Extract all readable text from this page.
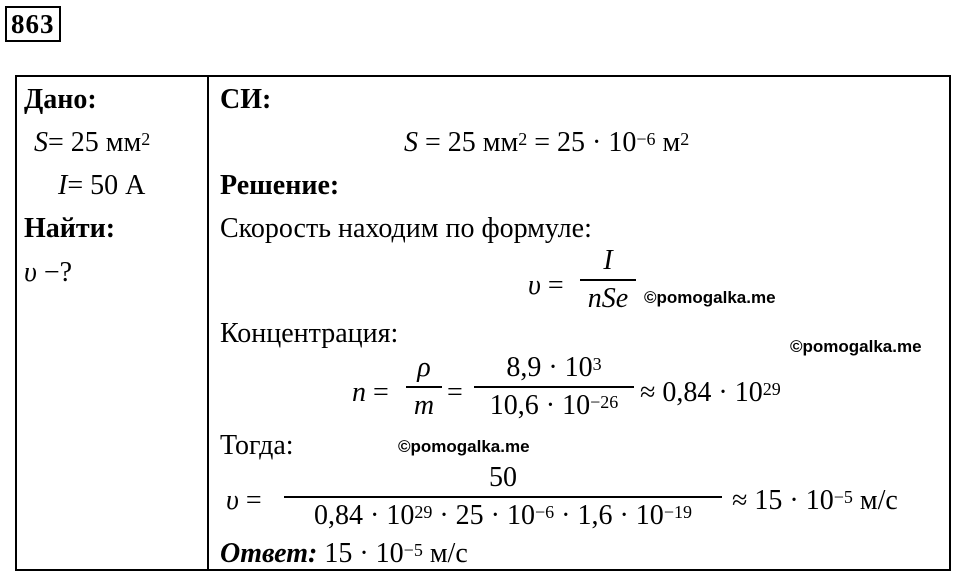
863
Дано:
S= 25 $мм^2$
I= 50 А
Найти:
υ −?
СИ:
S = 25 $мм^2 = 25 \cdot 10^{-6}$ $м^2$
Решение:
Скорость находим по формуле:
υ =
I
nSe
Концентрация:
n =
ρ
m =
$8,9 \cdot 10^3$
$10,6 \cdot 10^{-26} \approx 0,84 \cdot 10^{29}$
Тогда:
υ =
50
$0,84 \cdot 10^{29} \cdot 25 \cdot 10^{-6} \cdot 1,6 \cdot 10^{-19}$	≈ $15 \cdot 10^{-5}$ м/с
Ответ: $15 \cdot 10^{-5}$ м/с
©pomogalka.me
©pomogalka.me
©pomogalka.me
